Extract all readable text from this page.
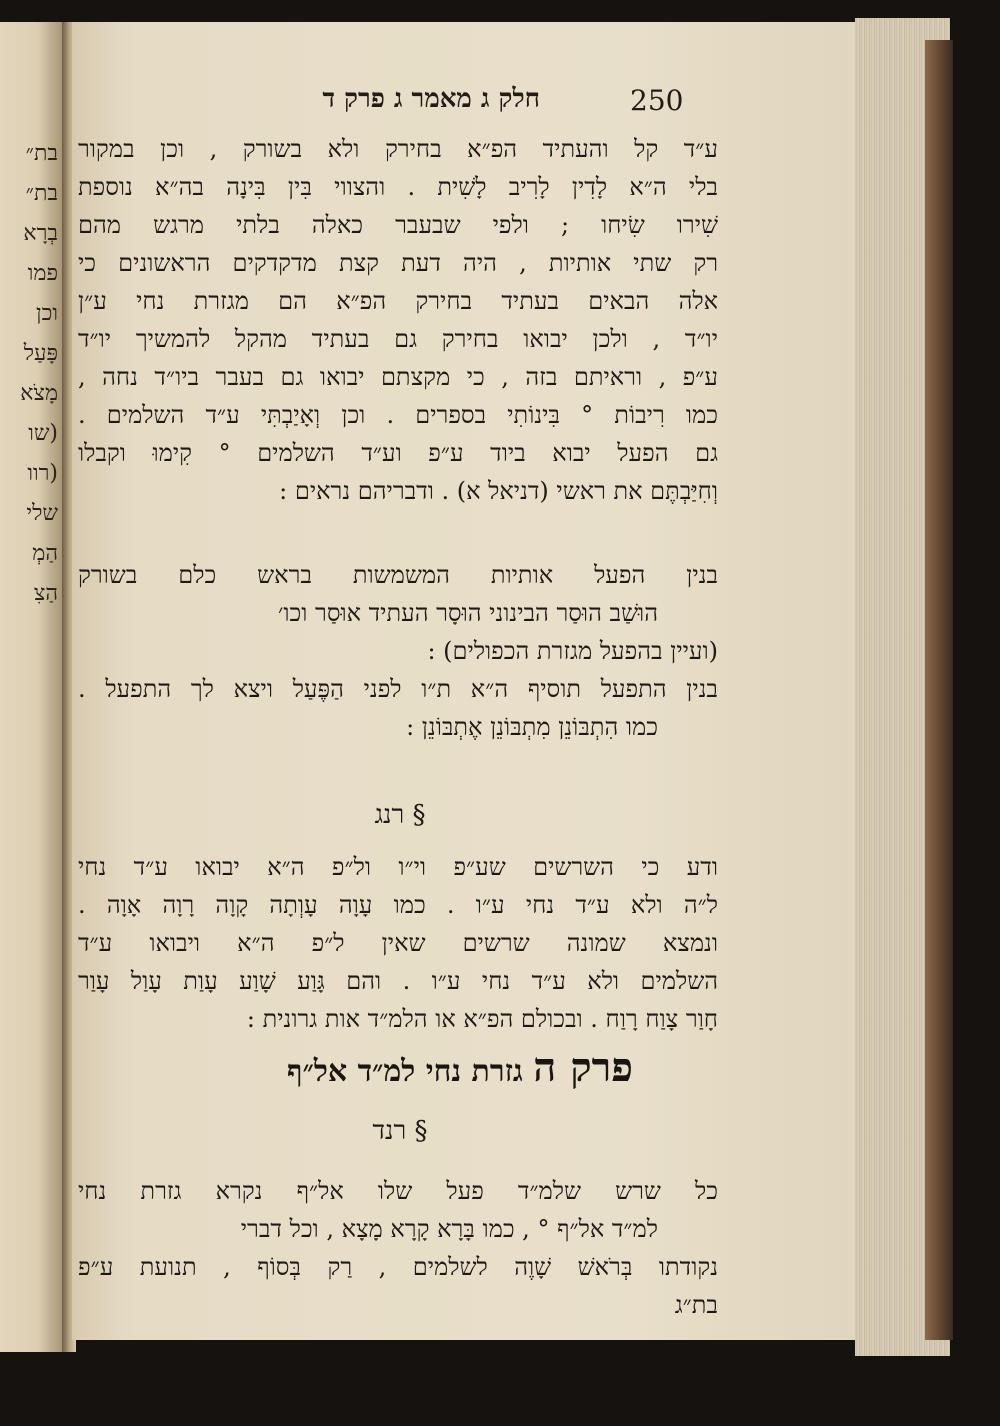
בת״
בת״
בְרָא
פמו
וכן
פָּעַל
מָצֹא
(שו
(רוו
שלי
הַמְ
הַצִ
250
חלק ג מאמר ג פרק ד
ע״ד קל והעתיד הפ״א בחירק ולא בשורק , וכן במקור
בלי ה״א לָדִין לָרִיב לָשִׁית . והצווי בִּין בִּינָה בה״א נוספת
שִׁירו שִׂיחו ; ולפי שבעבר כאלה בלתי מרגש מהם
רק שתי אותיות , היה דעת קצת מדקדקים הראשונים כי
אלה הבאים בעתיד בחירק הפ״א הם מגזרת נחי ע״ן
יו״ד , ולכן יבואו בחירק גם בעתיד מהקל להמשיך יו״ד
ע״פ , וראיתם בזה , כי מקצתם יבואו גם בעבר ביו״ד נחה ,
כמו רִיבוֹת ° בִּינוֹתִי בספרים . וכן וְאָיַבְתִּי ע״ד השלמים .
גם הפעל יבוא ביוד ע״פ וע״ד השלמים ° קִימוּ וקבלו
וְחִיַּבְתֶּם את ראשי (דניאל א) . ודבריהם נראים :
בנין הפעל אותיות המשמשות בראש כלם בשורק
הוּשַׁב הוּסַר הבינוני הוּסָר העתיד אוּסַר וכו׳
(ועיין בהפעל מגזרת הכפולים) :
בנין התפעל תוסיף ה״א ת״ו לפני הַפֶּעַל ויצא לך התפעל .
כמו הִתְבּוֹנֵן מִתְבּוֹנֵן אֶתְבּוֹנֵן :
§ רנג
ודע כי השרשים שע״פ וי״ו ול״פ ה״א יבואו ע״ד נחי
ל״ה ולא ע״ד נחי ע״ו . כמו עָוָה עָוְתָה קָוָה רָוָה אָוָה .
ונמצא שמונה שרשים שאין ל״פ ה״א ויבואו ע״ד
השלמים ולא ע״ד נחי ע״ו . והם גָּוַע שָׁוַע עָוַת עָוַל עָוַר
חָוַר צָוַח רָוַח . ובכולם הפ״א או הלמ״ד אות גרונית :
פרק ה גזרת נחי למ״ד אל״ף
§ רנד
כל שרש שלמ״ד פעל שלו אל״ף נקרא גזרת נחי
למ״ד אל״ף ° , כמו בָּרָא קָרָא מָצָא , וכל דברי
נקודתו בְּרֹאשׁ שָׁוֶה לשלמים , רַק בְּסוֹף , תנועת ע״פ
בת״ג
